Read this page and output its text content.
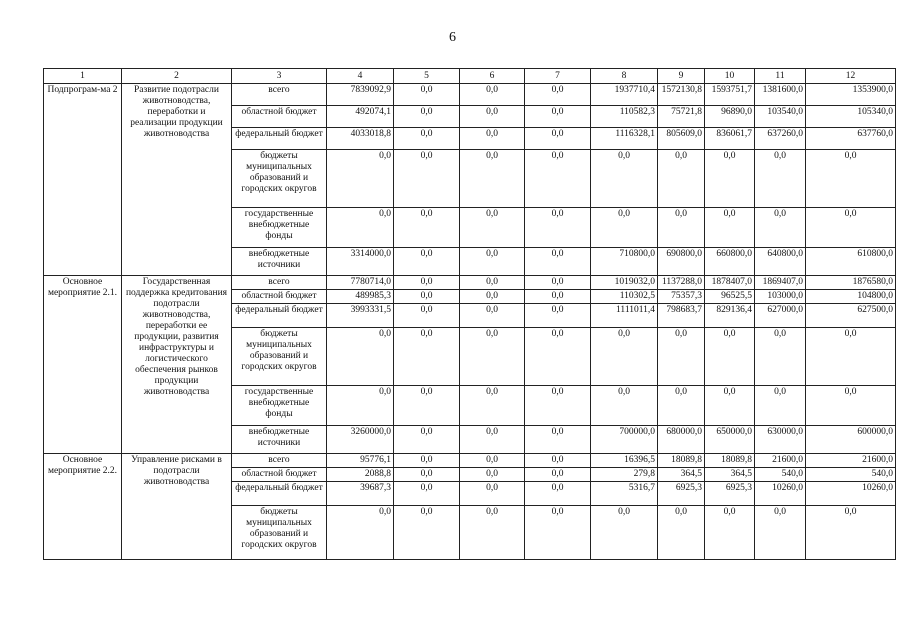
6
1	2	3	4	5	6	7	8	9	10	11	12
Подпрограм-ма 2	Развитие подотрасли животноводства, переработки и реализации продукции животноводства	всего	7839092,9	0,0	0,0	0,0	1937710,4	1572130,8	1593751,7	1381600,0	1353900,0
		областной бюджет	492074,1	0,0	0,0	0,0	110582,3	75721,8	96890,0	103540,0	105340,0
		федеральный бюджет	4033018,8	0,0	0,0	0,0	1116328,1	805609,0	836061,7	637260,0	637760,0
		бюджеты муниципальных образований и городских округов	0,0	0,0	0,0	0,0	0,0	0,0	0,0	0,0	0,0
		государственные внебюджетные фонды	0,0	0,0	0,0	0,0	0,0	0,0	0,0	0,0	0,0
		внебюджетные источники	3314000,0	0,0	0,0	0,0	710800,0	690800,0	660800,0	640800,0	610800,0
Основное мероприятие 2.1.	Государственная поддержка кредитования подотрасли животноводства, переработки ее продукции, развития инфраструктуры и логистического обеспечения рынков продукции животноводства	всего	7780714,0	0,0	0,0	0,0	1019032,0	1137288,0	1878407,0	1869407,0	1876580,0
		областной бюджет	489985,3	0,0	0,0	0,0	110302,5	75357,3	96525,5	103000,0	104800,0
		федеральный бюджет	3993331,5	0,0	0,0	0,0	1111011,4	798683,7	829136,4	627000,0	627500,0
		бюджеты муниципальных образований и городских округов	0,0	0,0	0,0	0,0	0,0	0,0	0,0	0,0	0,0
		государственные внебюджетные фонды	0,0	0,0	0,0	0,0	0,0	0,0	0,0	0,0	0,0
		внебюджетные источники	3260000,0	0,0	0,0	0,0	700000,0	680000,0	650000,0	630000,0	600000,0
Основное мероприятие 2.2.	Управление рисками в подотрасли животноводства	всего	95776,1	0,0	0,0	0,0	16396,5	18089,8	18089,8	21600,0	21600,0
		областной бюджет	2088,8	0,0	0,0	0,0	279,8	364,5	364,5	540,0	540,0
		федеральный бюджет	39687,3	0,0	0,0	0,0	5316,7	6925,3	6925,3	10260,0	10260,0
		бюджеты муниципальных образований и городских округов	0,0	0,0	0,0	0,0	0,0	0,0	0,0	0,0	0,0
